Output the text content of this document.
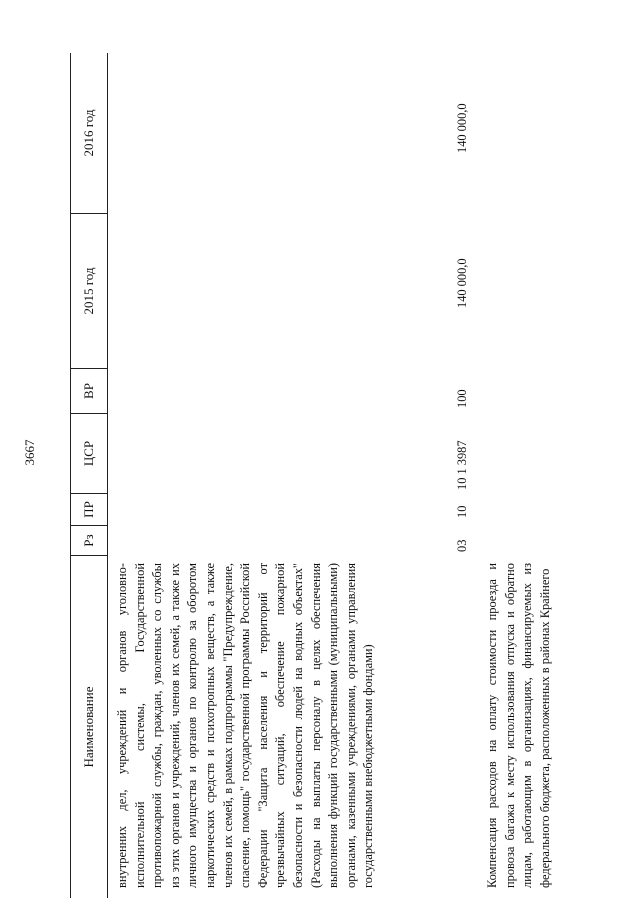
3667
Наименование
Рз
ПР
ЦСР
ВР
2015 год
2016 год
внутренних дел, учреждений и органов уголовно-исполнительной системы, Государственной противопожарной службы, граждан, уволенных со службы из этих органов и учреждений, членов их семей, а также их личного имущества и органов по контролю за оборотом наркотических средств и психотропных веществ, а также членов их семей, в рамках подпрограммы "Предупреждение, спасение, помощь" государственной программы Российской Федерации "Защита населения и территорий от чрезвычайных ситуаций, обеспечение пожарной безопасности и безопасности людей на водных объектах" (Расходы на выплаты персоналу в целях обеспечения выполнения функций государственными (муниципальными) органами, казенными учреждениями, органами управления государственными внебюджетными фондами)
03
10
10 1 3987
100
140 000,0
140 000,0
Компенсация расходов на оплату стоимости проезда и провоза багажа к месту использования отпуска и обратно лицам, работающим в организациях, финансируемых из федерального бюджета, расположенных в районах Крайнего
